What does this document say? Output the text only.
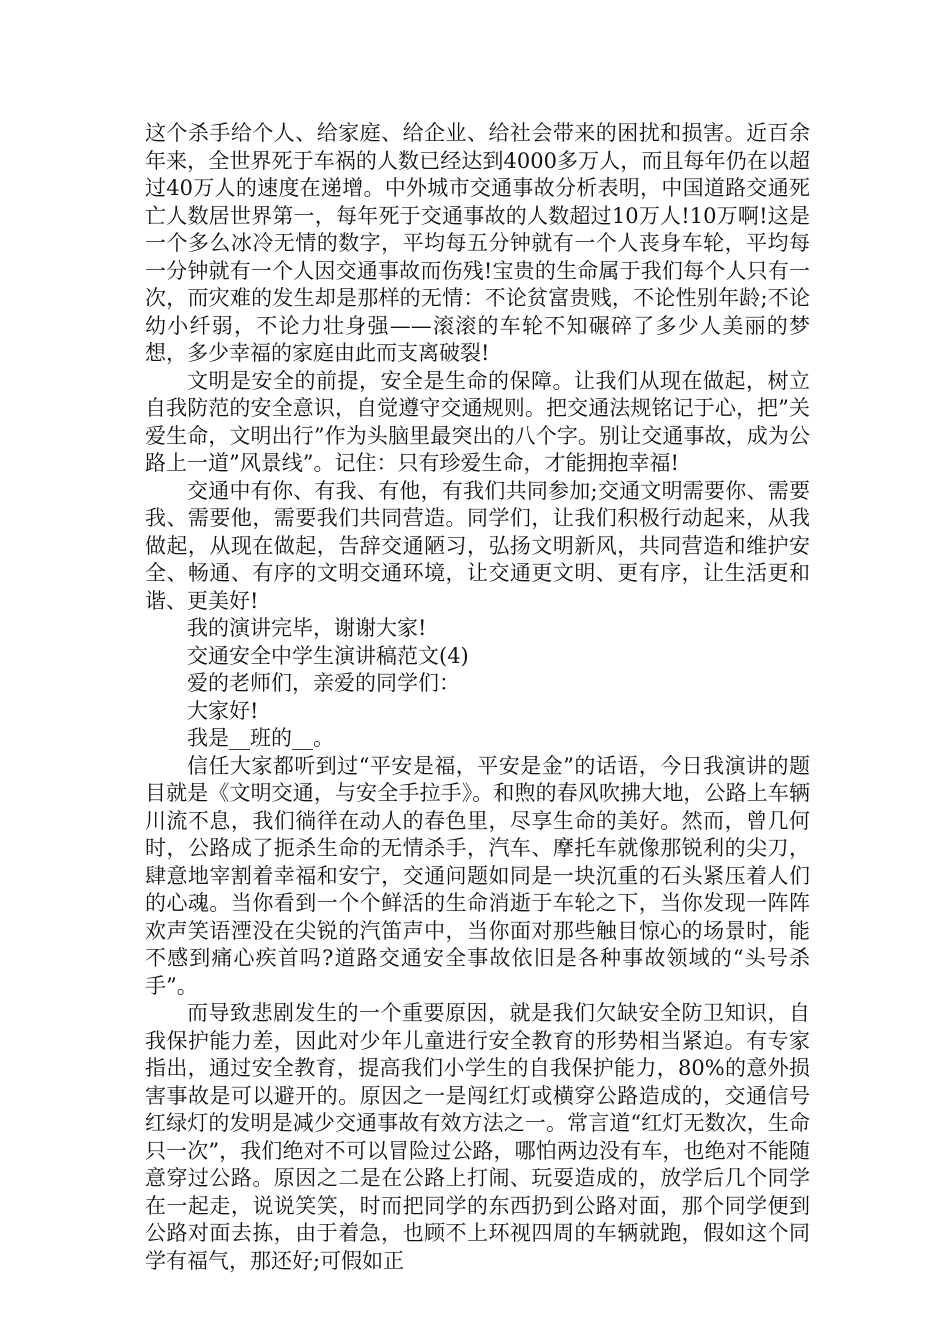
这个杀手给个人、给家庭、给企业、给社会带来的困扰和损害。近百余年来，全世界死于车祸的人数已经达到4000多万人，而且每年仍在以超过40万人的速度在递增。中外城市交通事故分析表明，中国道路交通死亡人数居世界第一，每年死于交通事故的人数超过10万人!10万啊!这是一个多么冰冷无情的数字，平均每五分钟就有一个人丧身车轮，平均每一分钟就有一个人因交通事故而伤残!宝贵的生命属于我们每个人只有一次，而灾难的发生却是那样的无情：不论贫富贵贱，不论性别年龄;不论幼小纤弱，不论力壮身强——滚滚的车轮不知碾碎了多少人美丽的梦想，多少幸福的家庭由此而支离破裂!

文明是安全的前提，安全是生命的保障。让我们从现在做起，树立自我防范的安全意识，自觉遵守交通规则。把交通法规铭记于心，把”关爱生命，文明出行”作为头脑里最突出的八个字。别让交通事故，成为公路上一道”风景线”。记住：只有珍爱生命，才能拥抱幸福!

交通中有你、有我、有他，有我们共同参加;交通文明需要你、需要我、需要他，需要我们共同营造。同学们，让我们积极行动起来，从我做起，从现在做起，告辞交通陋习，弘扬文明新风，共同营造和维护安全、畅通、有序的文明交通环境，让交通更文明、更有序，让生活更和谐、更美好!

我的演讲完毕，谢谢大家!

交通安全中学生演讲稿范文(4)

爱的老师们，亲爱的同学们：

大家好!

我是__班的__。

信任大家都听到过“平安是福，平安是金”的话语，今日我演讲的题目就是《文明交通，与安全手拉手》。和煦的春风吹拂大地，公路上车辆川流不息，我们徜徉在动人的春色里，尽享生命的美好。然而，曾几何时，公路成了扼杀生命的无情杀手，汽车、摩托车就像那锐利的尖刀，肆意地宰割着幸福和安宁，交通问题如同是一块沉重的石头紧压着人们的心魂。当你看到一个个鲜活的生命消逝于车轮之下，当你发现一阵阵欢声笑语湮没在尖锐的汽笛声中，当你面对那些触目惊心的场景时，能不感到痛心疾首吗?道路交通安全事故依旧是各种事故领域的“头号杀手”。

而导致悲剧发生的一个重要原因，就是我们欠缺安全防卫知识，自我保护能力差，因此对少年儿童进行安全教育的形势相当紧迫。有专家指出，通过安全教育，提高我们小学生的自我保护能力，80%的意外损害事故是可以避开的。原因之一是闯红灯或横穿公路造成的，交通信号红绿灯的发明是减少交通事故有效方法之一。常言道“红灯无数次，生命只一次”，我们绝对不可以冒险过公路，哪怕两边没有车，也绝对不能随意穿过公路。原因之二是在公路上打闹、玩耍造成的，放学后几个同学在一起走，说说笑笑，时而把同学的东西扔到公路对面，那个同学便到公路对面去拣，由于着急，也顾不上环视四周的车辆就跑，假如这个同学有福气，那还好;可假如正
